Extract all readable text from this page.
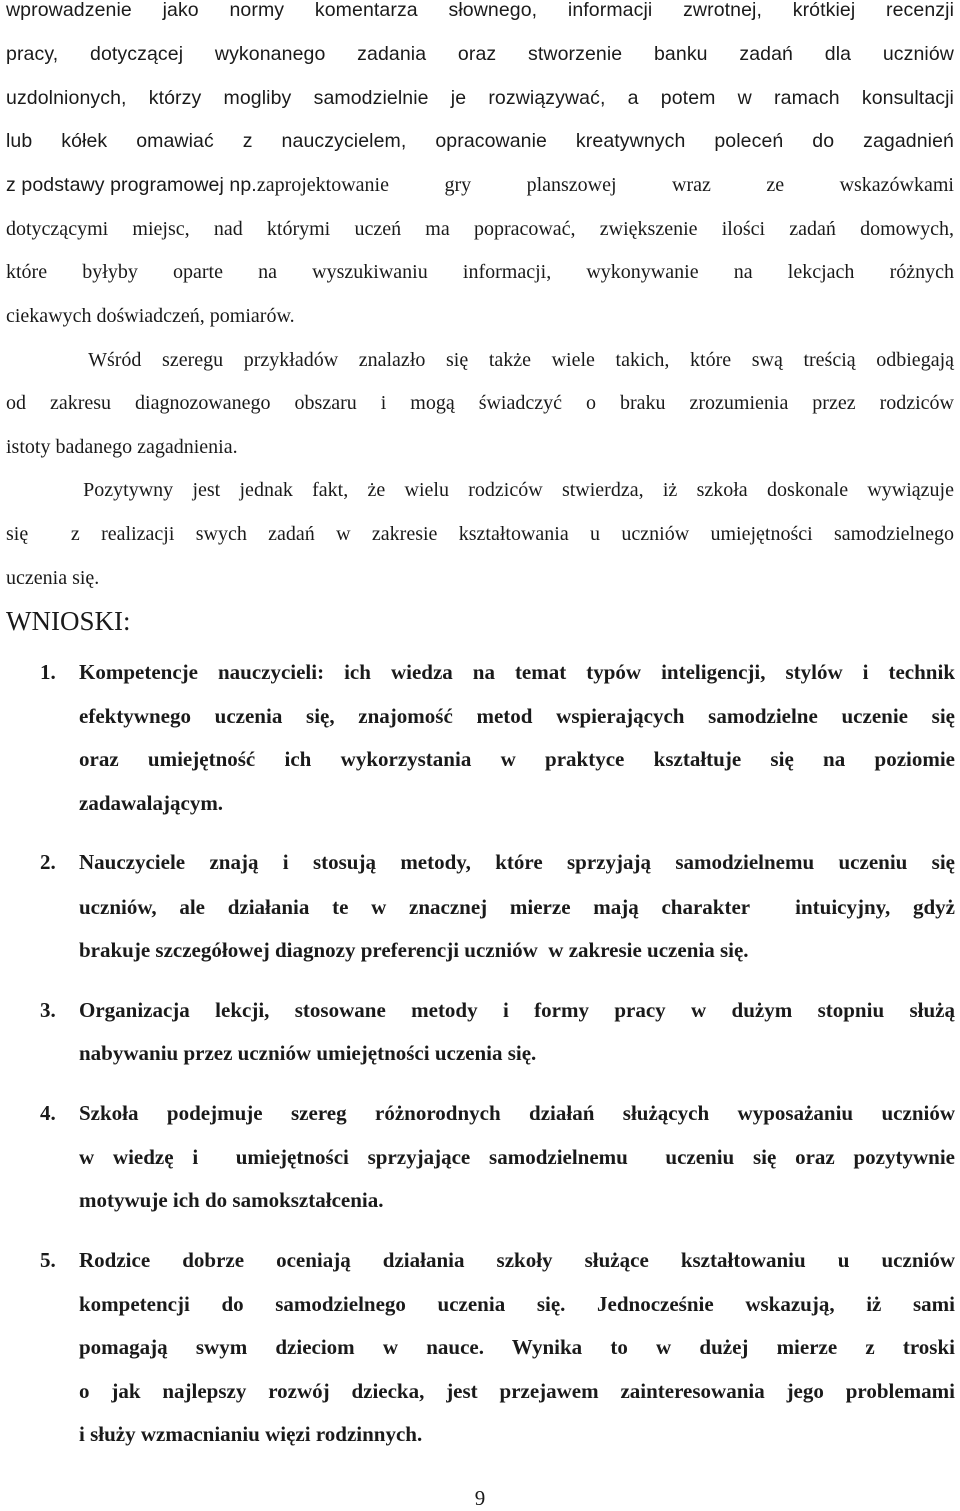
wprowadzenie jako normy komentarza słownego, informacji zwrotnej, krótkiej recenzji
pracy, dotyczącej wykonanego zadania oraz stworzenie banku zadań dla uczniów
uzdolnionych, którzy mogliby samodzielnie je rozwiązywać, a potem w ramach konsultacji
lub kółek omawiać z nauczycielem, opracowanie kreatywnych poleceń do zagadnień
z podstawy programowej np. zaprojektowanie gry planszowej wraz ze wskazówkami
dotyczącymi miejsc, nad którymi uczeń ma popracować, zwiększenie ilości zadań domowych,
które byłyby oparte na wyszukiwaniu informacji, wykonywanie na lekcjach różnych
ciekawych doświadczeń, pomiarów.
Wśród szeregu przykładów znalazło się także wiele takich, które swą treścią odbiegają
od zakresu diagnozowanego obszaru i mogą świadczyć o braku zrozumienia przez rodziców
istoty badanego zagadnienia.
Pozytywny jest jednak fakt, że wielu rodziców stwierdza, iż szkoła doskonale wywiązuje
się  z realizacji swych zadań w zakresie kształtowania u uczniów umiejętności samodzielnego
uczenia się.
WNIOSKI:
1. Kompetencje nauczycieli: ich wiedza na temat typów inteligencji, stylów i technik
efektywnego uczenia się, znajomość metod wspierających samodzielne uczenie się
oraz umiejętność ich wykorzystania w praktyce kształtuje się na poziomie
zadawalającym.
2. Nauczyciele znają i stosują metody, które sprzyjają samodzielnemu uczeniu się
uczniów, ale działania te w znacznej mierze mają charakter  intuicyjny, gdyż
brakuje szczegółowej diagnozy preferencji uczniów  w zakresie uczenia się.
3. Organizacja lekcji, stosowane metody i formy pracy w dużym stopniu służą
nabywaniu przez uczniów umiejętności uczenia się.
4. Szkoła podejmuje szereg różnorodnych działań służących wyposażaniu uczniów
w wiedzę i  umiejętności sprzyjające samodzielnemu  uczeniu się oraz pozytywnie
motywuje ich do samokształcenia.
5. Rodzice dobrze oceniają działania szkoły służące kształtowaniu u uczniów
kompetencji do samodzielnego uczenia się. Jednocześnie wskazują, iż sami
pomagają swym dzieciom w nauce. Wynika to w dużej mierze z troski
o jak najlepszy rozwój dziecka, jest przejawem zainteresowania jego problemami
i służy wzmacnianiu więzi rodzinnych.
9
